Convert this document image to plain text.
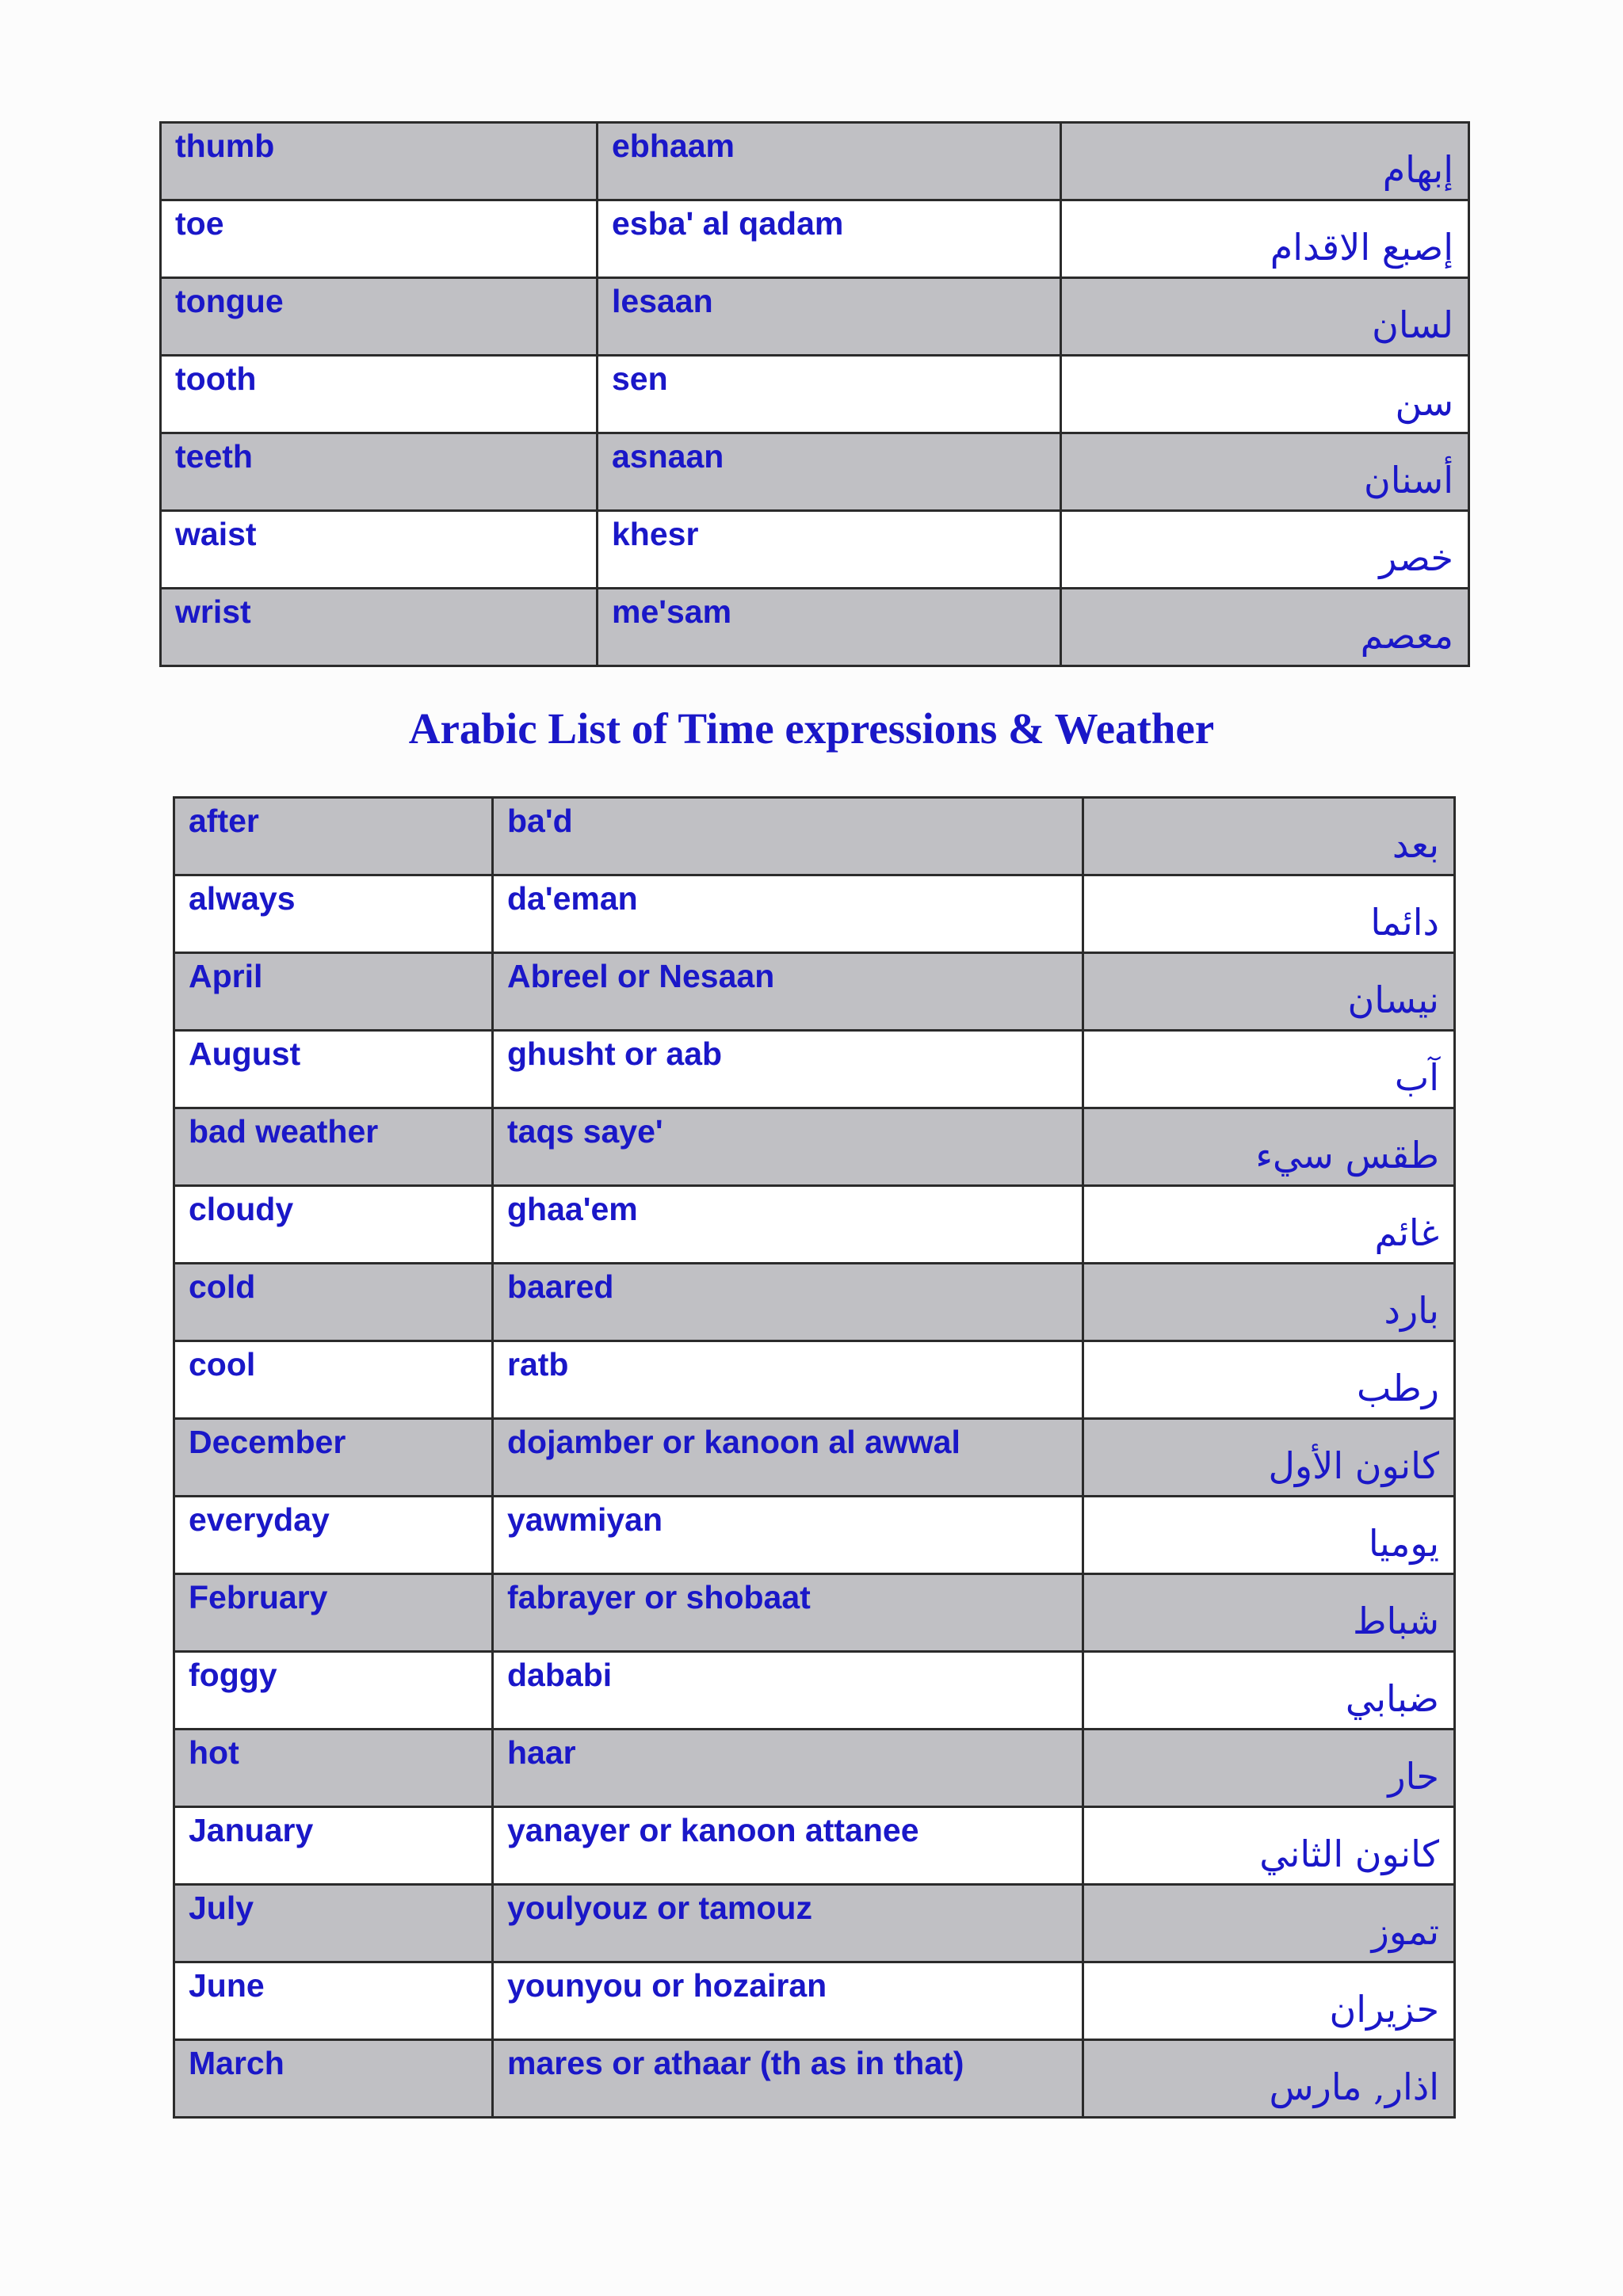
thumb	ebhaam	إبهام

toe	esba' al qadam	إصبع الاقدام

tongue	lesaan	لسان

tooth	sen	سن

teeth	asnaan	أسنان

waist	khesr	خصر

wrist	me'sam	معصم
Arabic List of Time expressions & Weather
after	ba'd	بعد

always	da'eman	دائما

April	Abreel or Nesaan	نيسان

August	ghusht or aab	آب

bad weather	taqs saye'	طقس سيء

cloudy	ghaa'em	غائم

cold	baared	بارد

cool	ratb	رطب

December	dojamber or kanoon al awwal	كانون الأول

everyday	yawmiyan	يوميا

February	fabrayer or shobaat	شباط

foggy	dababi	ضبابي

hot	haar	حار

January	yanayer or kanoon attanee	كانون الثاني

July	youlyouz or tamouz	تموز

June	younyou or hozairan	حزيران

March	mares or athaar (th as in that)	اذار, مارس
